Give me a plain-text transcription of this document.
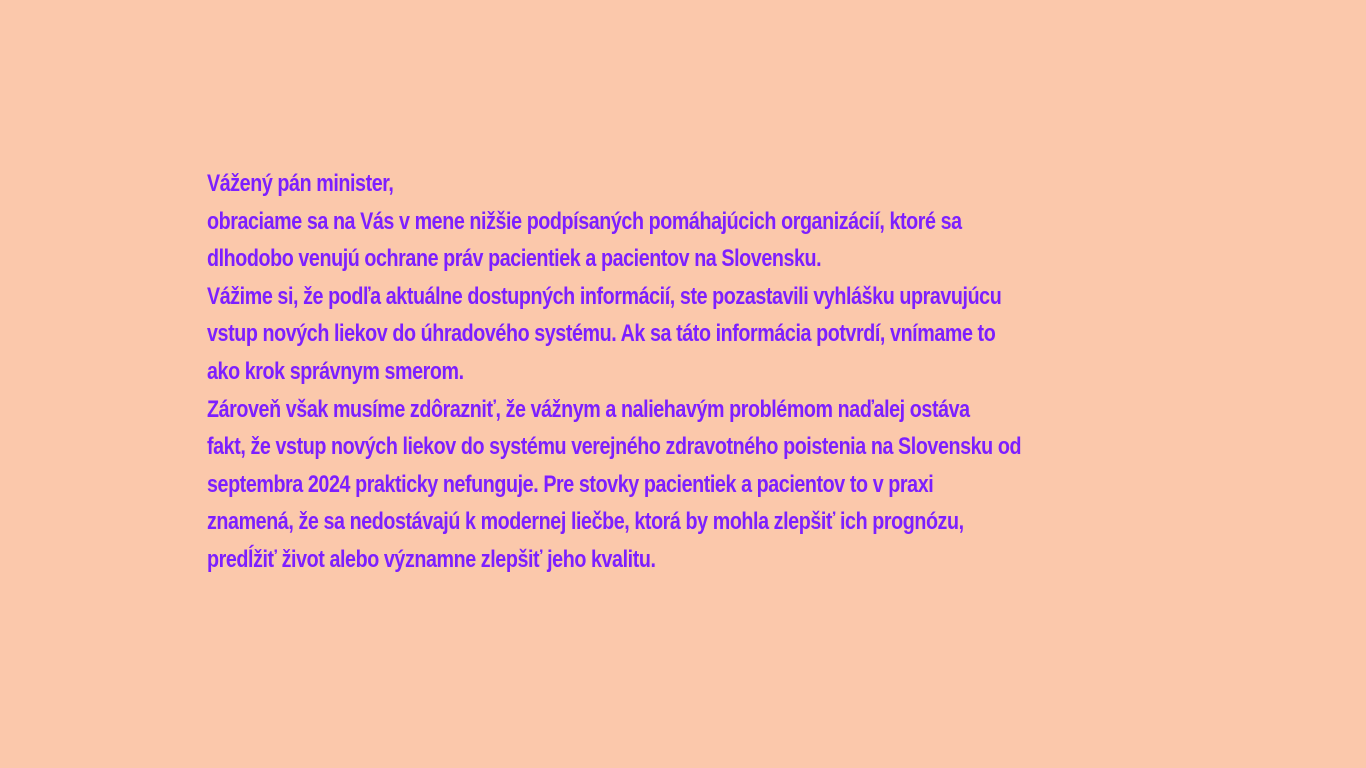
Vážený pán minister,
obraciame sa na Vás v mene nižšie podpísaných pomáhajúcich organizácií, ktoré sa
dlhodobo venujú ochrane práv pacientiek a pacientov na Slovensku.
Vážime si, že podľa aktuálne dostupných informácií, ste pozastavili vyhlášku upravujúcu
vstup nových liekov do úhradového systému. Ak sa táto informácia potvrdí, vnímame to
ako krok správnym smerom.
Zároveň však musíme zdôrazniť, že vážnym a naliehavým problémom naďalej ostáva
fakt, že vstup nových liekov do systému verejného zdravotného poistenia na Slovensku od
septembra 2024 prakticky nefunguje. Pre stovky pacientiek a pacientov to v praxi
znamená, že sa nedostávajú k modernej liečbe, ktorá by mohla zlepšiť ich prognózu,
predĺžiť život alebo významne zlepšiť jeho kvalitu.
